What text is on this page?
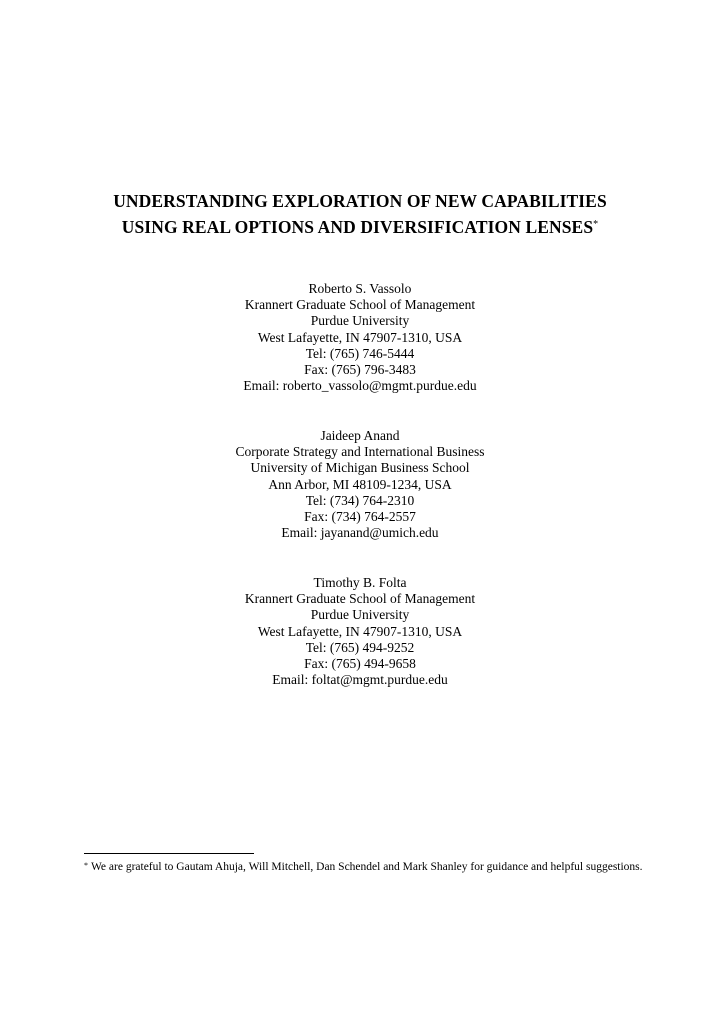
UNDERSTANDING EXPLORATION OF NEW CAPABILITIES
USING REAL OPTIONS AND DIVERSIFICATION LENSES*
Roberto S. Vassolo
Krannert Graduate School of Management
Purdue University
West Lafayette, IN 47907-1310, USA
Tel: (765) 746-5444
Fax: (765) 796-3483
Email: roberto_vassolo@mgmt.purdue.edu
Jaideep Anand
Corporate Strategy and International Business
University of Michigan Business School
Ann Arbor, MI 48109-1234, USA
Tel: (734) 764-2310
Fax: (734) 764-2557
Email: jayanand@umich.edu
Timothy B. Folta
Krannert Graduate School of Management
Purdue University
West Lafayette, IN 47907-1310, USA
Tel: (765) 494-9252
Fax: (765) 494-9658
Email: foltat@mgmt.purdue.edu
* We are grateful to Gautam Ahuja, Will Mitchell, Dan Schendel and Mark Shanley for guidance and helpful suggestions.
